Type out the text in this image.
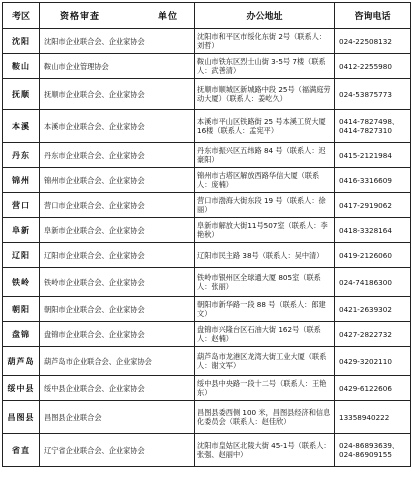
考区	资格审查 单位	办公地址	咨询电话
沈阳	沈阳市企业联合会、企业家协会	沈阳市和平区市绥化东街 2号（联系人：刘哲）	024-22508132
鞍山	鞍山市企业管理协会	鞍山市铁东区烈士山街 3-5号 7楼（联系人：武善清）	0412-2255980
抚顺	抚顺市企业联合会、企业家协会	抚顺市顺城区新城路中段 25号（福满庭劳动大厦）（联系人：姜屹久）	024-53875773
本溪	本溪市企业联合会、企业家协会	本溪市平山区铁路街 25 号本溪工贸大厦 16楼（联系人：孟宪平）	0414-7827498、
0414-7827310
丹东	丹东市企业联合会、企业家协会	丹东市振兴区五纬路 84 号（联系人：迟豪阳）	0415-2121984
锦州	锦州市企业联合会、企业家协会	锦州市古塔区解放西路华信大厦（联系人：庞楠）	0416-3316609
营口	营口市企业联合会、企业家协会	营口市渤海大街东段 19 号（联系人：徐丽）	0417-2919062
阜新	阜新市企业联合会、企业家协会	阜新市解放大街11号507室（联系人：李艳秋）	0418-3328164
辽阳	辽阳市企业联合会、企业家协会	辽阳市民主路 38号（联系人：吴中清）	0419-2126060
铁岭	铁岭市企业联合会、企业家协会	铁岭市银州区全球通大厦 805室（联系人：张丽）	024-74186300
朝阳	朝阳市企业联合会、企业家协会	朝阳市新华路一段 88 号（联系人：郎建文）	0421-2639302
盘锦	盘锦市企业联合会、企业家协会	盘锦市兴隆台区石油大街 162号（联系人：赵楠）	0427-2822732
葫芦岛	葫芦岛市企业联合会、企业家协会	葫芦岛市龙港区龙湾大街工业大厦（联系人：谢文军）	0429-3202110
绥中县	绥中县企业联合会、企业家协会	绥中县中央路一段十二号（联系人：王艳东）	0429-6122606
昌图县	昌图县企业联合会	昌图县委西侧 100 米，昌图县经济和信息化委员会（联系人：赵佳欣）	13358940222
省直	辽宁省企业联合会、企业家协会	沈阳市皇姑区北陵大街 45-1号（联系人：张强、赵丽中）	024-86893639、
024-86909155
